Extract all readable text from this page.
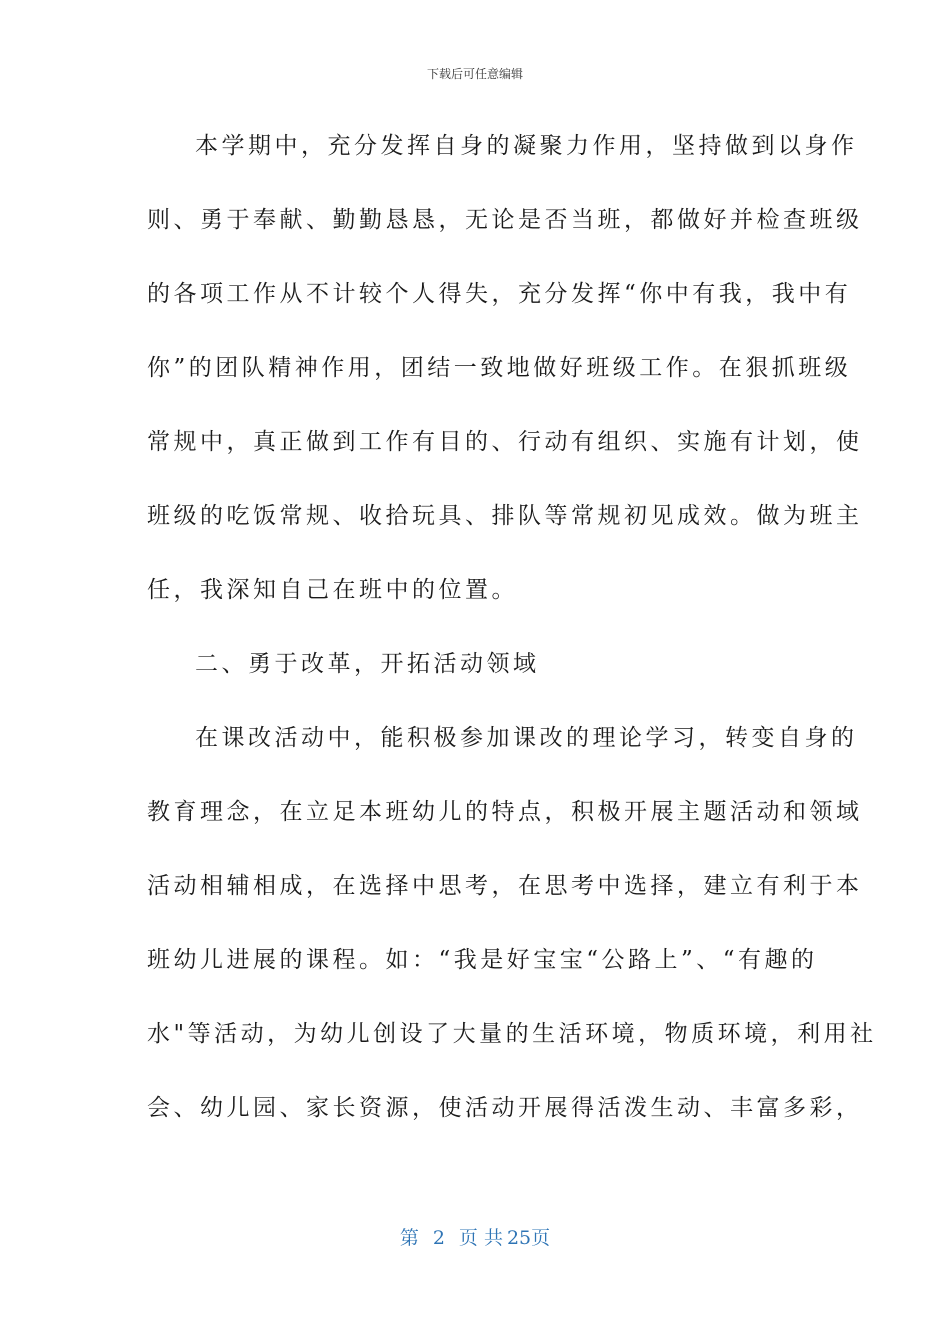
下载后可任意编辑
本学期中，充分发挥自身的凝聚力作用，坚持做到以身作
则、勇于奉献、勤勤恳恳，无论是否当班，都做好并检查班级
的各项工作从不计较个人得失，充分发挥“你中有我，我中有
你”的团队精神作用，团结一致地做好班级工作。在狠抓班级
常规中，真正做到工作有目的、行动有组织、实施有计划，使
班级的吃饭常规、收拾玩具、排队等常规初见成效。做为班主
任，我深知自己在班中的位置。
二、勇于改革，开拓活动领域
在课改活动中，能积极参加课改的理论学习，转变自身的
教育理念，在立足本班幼儿的特点，积极开展主题活动和领域
活动相辅相成，在选择中思考，在思考中选择，建立有利于本
班幼儿进展的课程。如：“我是好宝宝“公路上”、“有趣的
水"等活动，为幼儿创设了大量的生活环境，物质环境，利用社
会、幼儿园、家长资源，使活动开展得活泼生动、丰富多彩，
第 2 页 共 25页
